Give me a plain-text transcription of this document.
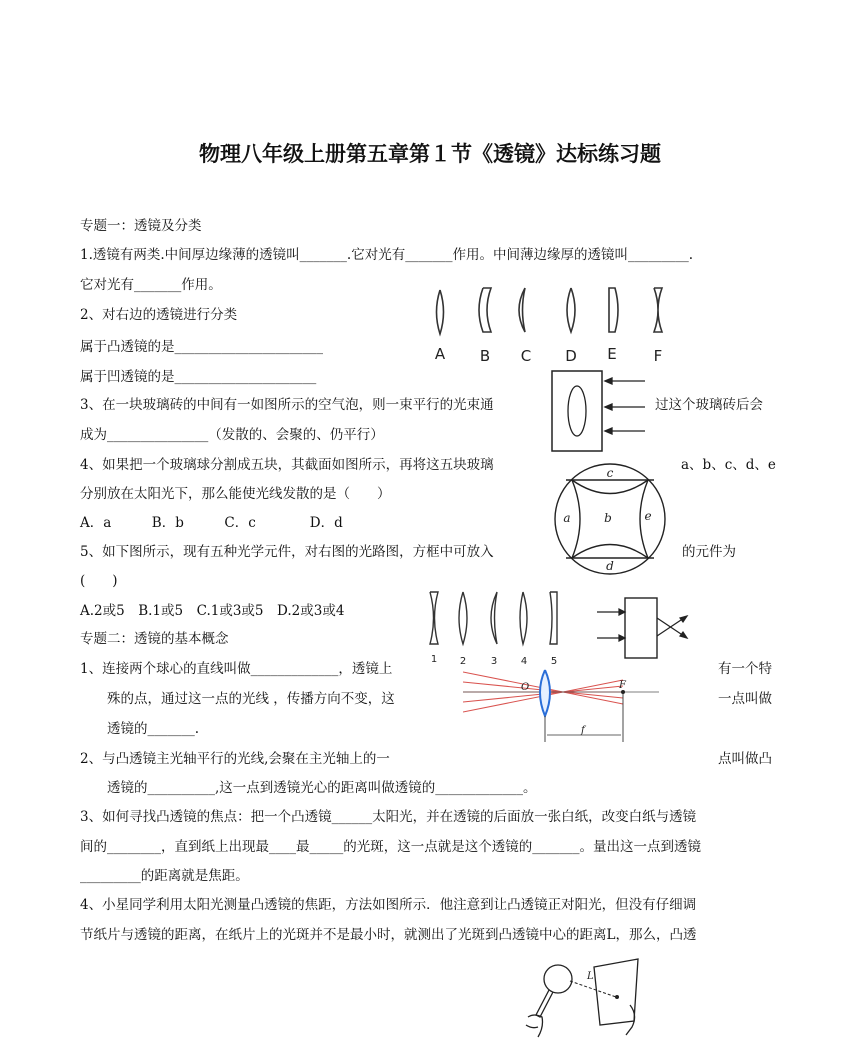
物理八年级上册第五章第１节《透镜》达标练习题
专题一：透镜及分类
1.透镜有两类.中间厚边缘薄的透镜叫_______.它对光有_______作用。中间薄边缘厚的透镜叫_________.
它对光有_______作用。
2、对右边的透镜进行分类
属于凸透镜的是______________________
属于凹透镜的是_____________________
3、在一块玻璃砖的中间有一如图所示的空气泡，则一束平行的光束通	过这个玻璃砖后会
成为_______________（发散的、会聚的、仍平行）
4、如果把一个玻璃球分割成五块，其截面如图所示，再将这五块玻璃	a、b、c、d、e
分别放在太阳光下，那么能使光线发散的是（　　）
A．a　　　B．b　　　C．c　　　　D．d
5、如下图所示，现有五种光学元件，对右图的光路图，方框中可放入	的元件为
(　　)
A.2或5　B.1或5　C.1或3或5　D.2或3或4
专题二：透镜的基本概念
1、连接两个球心的直线叫做_____________，透镜上	有一个特
殊的点，通过这一点的光线 ，传播方向不变，这	一点叫做
透镜的_______.
2、与凸透镜主光轴平行的光线,会聚在主光轴上的一	点叫做凸
透镜的__________,这一点到透镜光心的距离叫做透镜的_____________。
3、如何寻找凸透镜的焦点：把一个凸透镜______太阳光，并在透镜的后面放一张白纸，改变白纸与透镜
间的________，直到纸上出现最____最_____的光斑，这一点就是这个透镜的_______。量出这一点到透镜
_________的距离就是焦距。
4、小星同学利用太阳光测量凸透镜的焦距，方法如图所示．他注意到让凸透镜正对阳光，但没有仔细调
节纸片与透镜的距离，在纸片上的光斑并不是最小时，就测出了光斑到凸透镜中心的距离L，那么，凸透
A B C D E F
c
a	b	e
d
1 2 3 4 5
O	F
f
L
